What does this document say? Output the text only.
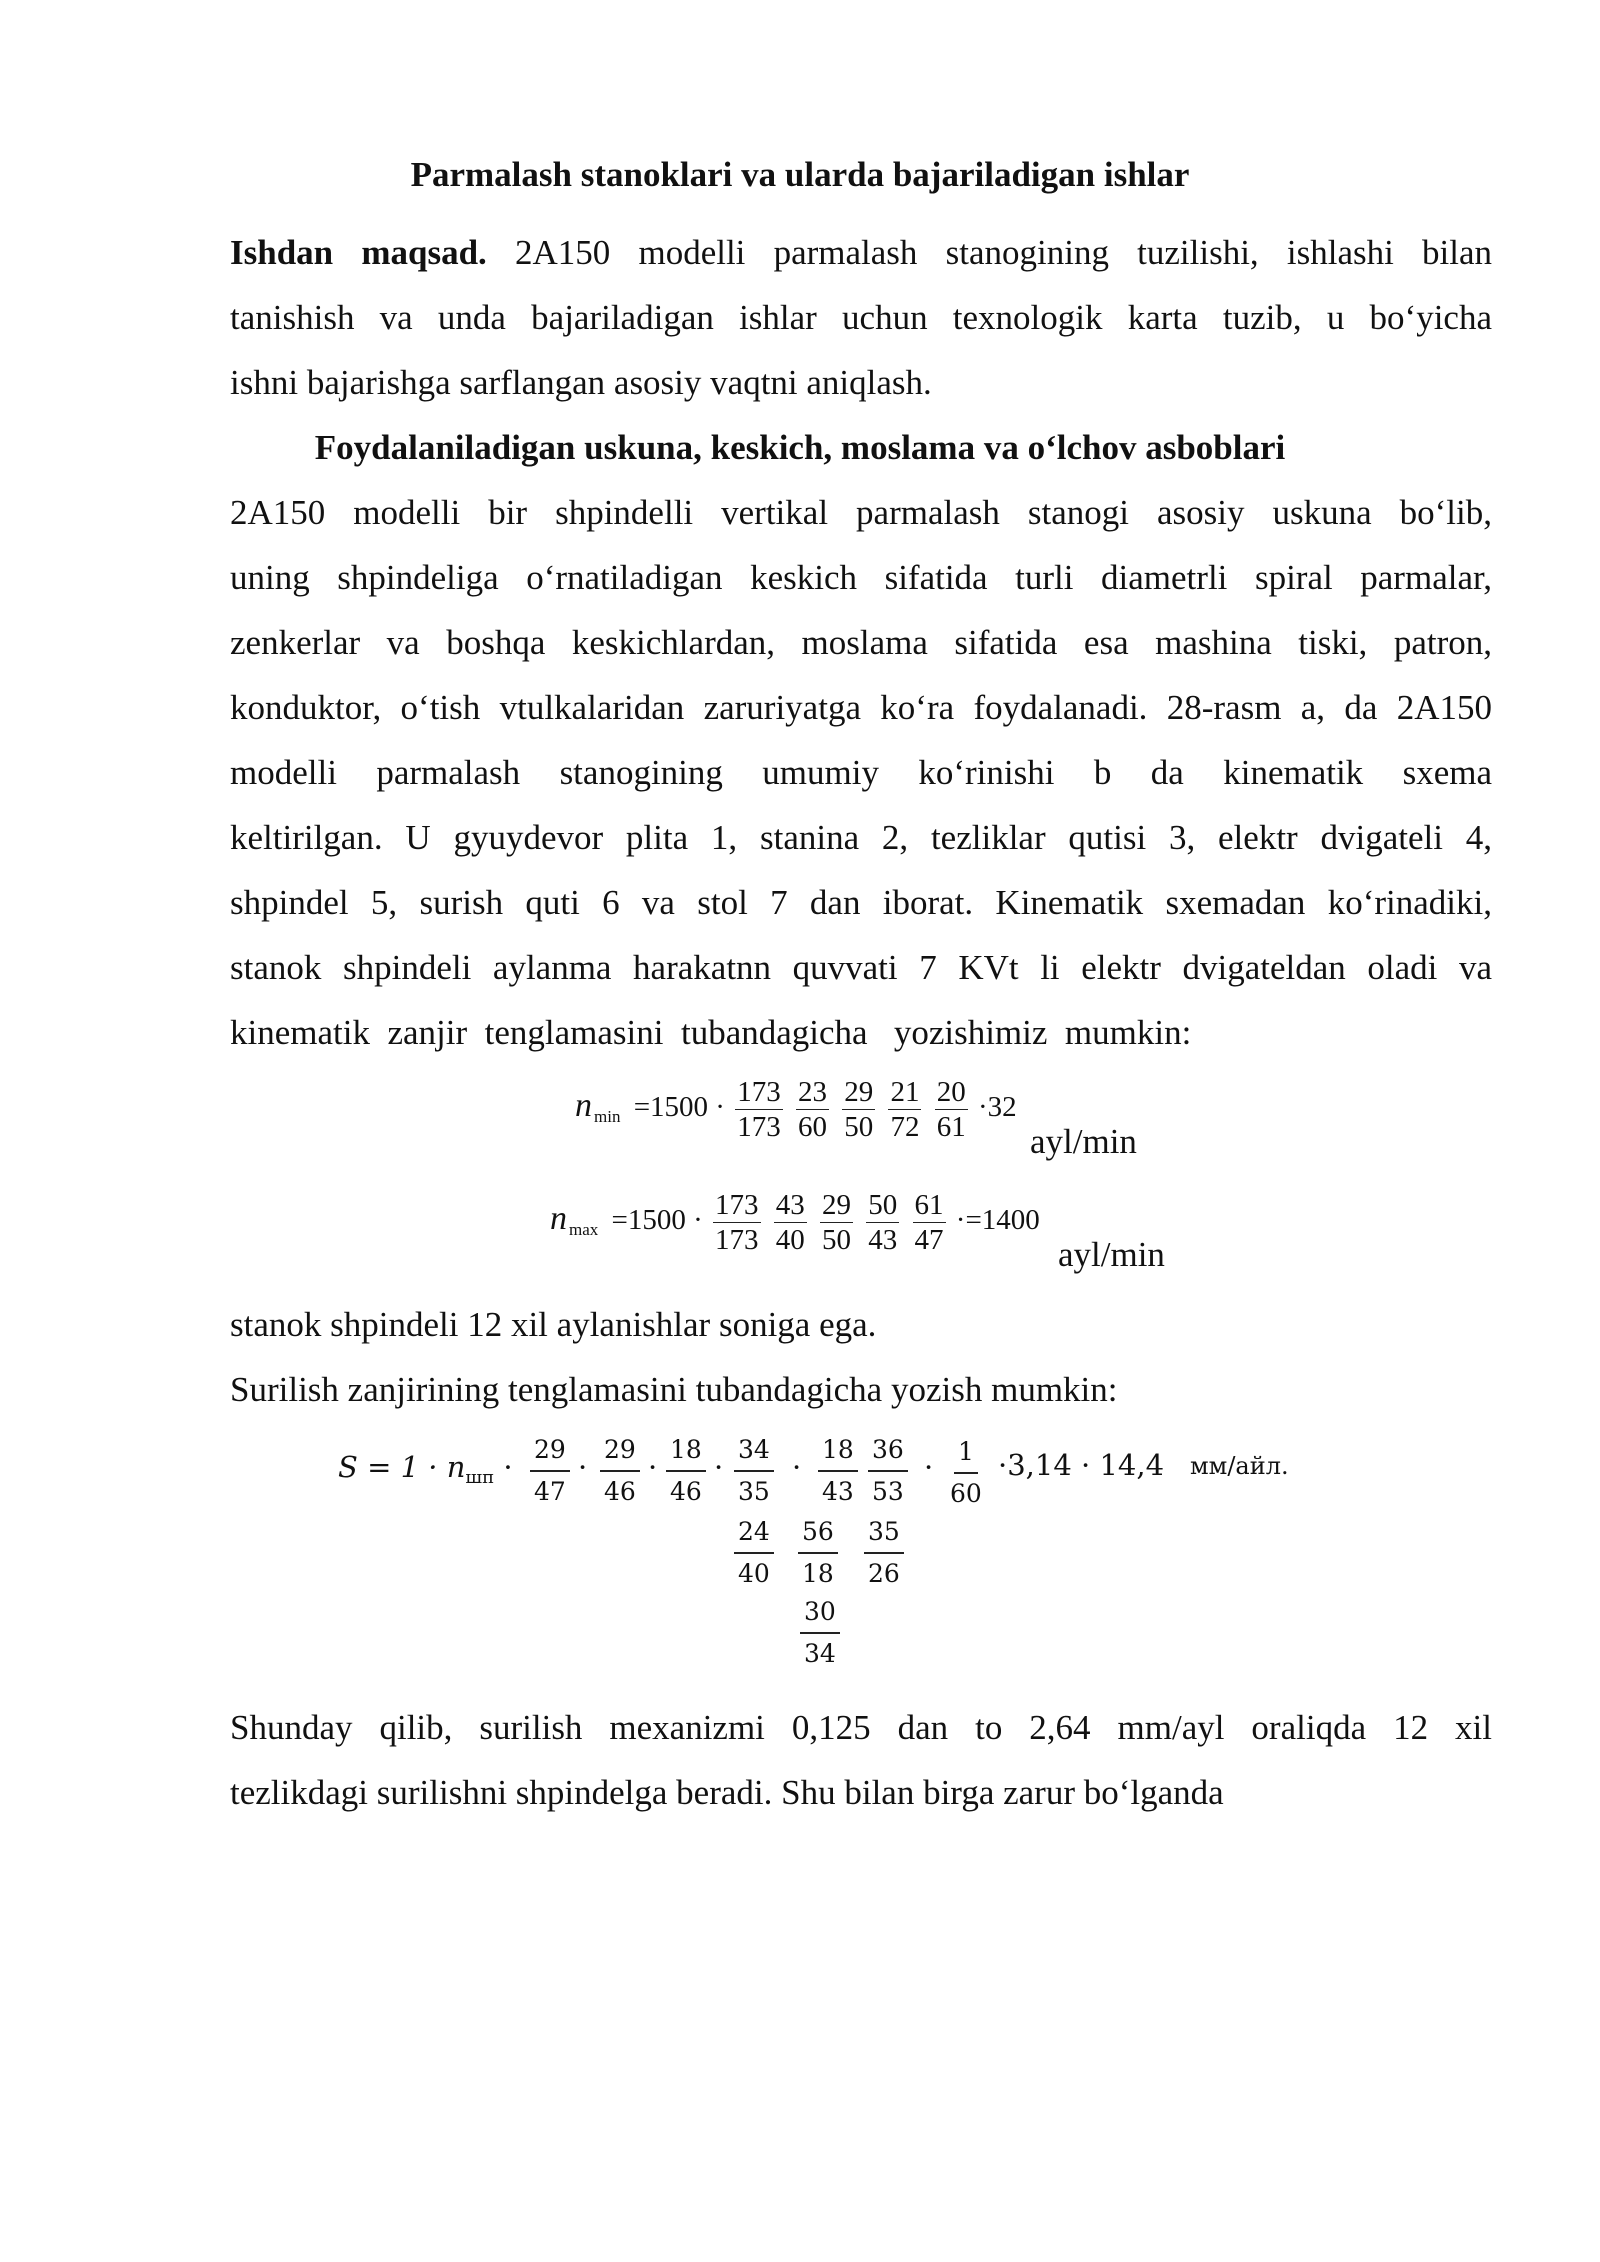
Parmalash stanoklari va ularda bajariladigan ishlar
Ishdan maqsad. 2A150 modelli parmalash stanogining tuzilishi, ishlashi bilan
tanishish va unda bajariladigan ishlar uchun texnologik karta tuzib, u bo‘yicha
ishni bajarishga sarflangan asosiy vaqtni aniqlash.
Foydalaniladigan uskuna, keskich, moslama va o‘lchov asboblari
2A150 modelli bir shpindelli vertikal parmalash stanogi asosiy uskuna bo‘lib,
uning shpindeliga o‘rnatiladigan keskich sifatida turli diametrli spiral parmalar,
zenkerlar va boshqa keskichlardan, moslama sifatida esa mashina tiski, patron,
konduktor, o‘tish vtulkalaridan zaruriyatga ko‘ra foydalanadi. 28-rasm a, da 2A150
modelli parmalash stanogining umumiy ko‘rinishi b da kinematik sxema
keltirilgan. U gyuydevor plita 1, stanina 2, tezliklar qutisi 3, elektr dvigateli 4,
shpindel 5, surish quti 6 va stol 7 dan iborat. Kinematik sxemadan ko‘rinadiki,
stanok shpindeli aylanma harakatnn quvvati 7 KVt li elektr dvigateldan oladi va
kinematik  zanjir  tenglamasini  tubandagicha   yozishimiz  mumkin:
n $_{min} =1500 \cdot \frac{173}{173}$
$\frac{23}{60}$
$\frac{29}{50}$
$\frac{21}{72}$
$\frac{20}{61} \cdot 32$
ayl/min
n $_{max} =1500 \cdot \frac{173}{173}$
$\frac{43}{40}$
$\frac{29}{50}$
$\frac{50}{43}$
$\frac{61}{47} \cdot=1400$
ayl/min
stanok shpindeli 12 xil aylanishlar soniga ega.
Surilish zanjirining tenglamasini tubandagicha yozish mumkin:
$S = 1 \cdot n_{шп} \cdot \frac{29}{47} \cdot \frac{29}{46} \cdot \frac{18}{46} \cdot \frac{34}{35} \cdot \frac{18}{43} \frac{36}{53} \cdot \frac{1}{60} \cdot 3,14 \cdot 14,4$ мм/айл.
$\frac{24}{40} \frac{56}{18} \frac{35}{26}$
$\frac{30}{34}$
Shunday qilib, surilish mexanizmi 0,125 dan to 2,64 mm/ayl oraliqda 12 xil
tezlikdagi surilishni shpindelga beradi. Shu bilan birga zarur bo‘lganda
